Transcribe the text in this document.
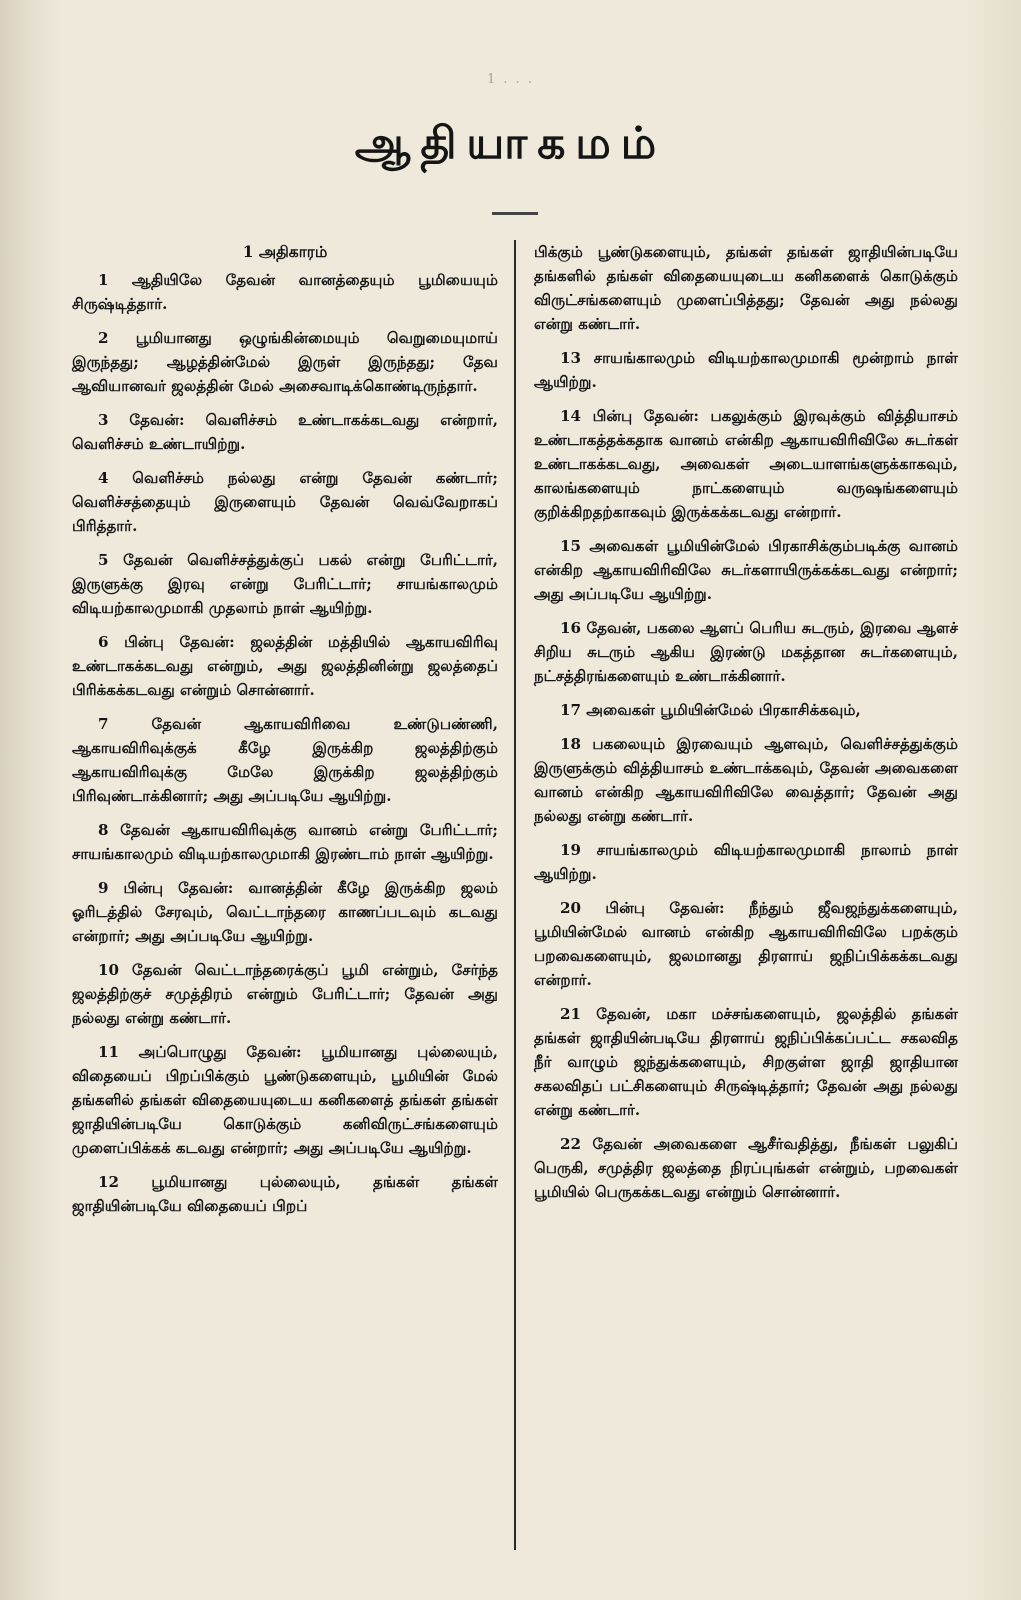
1 . . .
ஆதியாகமம்
1 அதிகாரம்

1 ஆதியிலே தேவன் வானத்தையும் பூமியையும் சிருஷ்டித்தார்.

2 பூமியானது ஒழுங்கின்மையும் வெறுமையுமாய் இருந்தது; ஆழத்தின்மேல் இருள் இருந்தது; தேவ ஆவியானவர் ஜலத்தின் மேல் அசைவாடிக்கொண்டிருந்தார்.

3 தேவன்: வெளிச்சம் உண்டாகக்கடவது என்றார், வெளிச்சம் உண்டாயிற்று.

4 வெளிச்சம் நல்லது என்று தேவன் கண்டார்; வெளிச்சத்தையும் இருளையும் தேவன் வெவ்வேறாகப் பிரித்தார்.

5 தேவன் வெளிச்சத்துக்குப் பகல் என்று பேரிட்டார், இருளுக்கு இரவு என்று பேரிட்டார்; சாயங்காலமும் விடியற்காலமுமாகி முதலாம் நாள் ஆயிற்று.

6 பின்பு தேவன்: ஜலத்தின் மத்தியில் ஆகாயவிரிவு உண்டாகக்கடவது என்றும், அது ஜலத்தினின்று ஜலத்தைப் பிரிக்கக்கடவது என்றும் சொன்னார்.

7 தேவன் ஆகாயவிரிவை உண்டுபண்ணி, ஆகாயவிரிவுக்குக் கீழே இருக்கிற ஜலத்திற்கும் ஆகாயவிரிவுக்கு மேலே இருக்கிற ஜலத்திற்கும் பிரிவுண்டாக்கினார்; அது அப்படியே ஆயிற்று.

8 தேவன் ஆகாயவிரிவுக்கு வானம் என்று பேரிட்டார்; சாயங்காலமும் விடியற்காலமுமாகி இரண்டாம் நாள் ஆயிற்று.

9 பின்பு தேவன்: வானத்தின் கீழே இருக்கிற ஜலம் ஓரிடத்தில் சேரவும், வெட்டாந்தரை காணப்படவும் கடவது என்றார்; அது அப்படியே ஆயிற்று.

10 தேவன் வெட்டாந்தரைக்குப் பூமி என்றும், சேர்ந்த ஜலத்திற்குச் சமுத்திரம் என்றும் பேரிட்டார்; தேவன் அது நல்லது என்று கண்டார்.

11 அப்பொழுது தேவன்: பூமியானது புல்லையும், விதையைப் பிறப்பிக்கும் பூண்டுகளையும், பூமியின் மேல் தங்களில் தங்கள் விதையையுடைய கனிகளைத் தங்கள் தங்கள் ஜாதியின்படியே கொடுக்கும் கனிவிருட்சங்களையும் முளைப்பிக்கக் கடவது என்றார்; அது அப்படியே ஆயிற்று.

12 பூமியானது புல்லையும், தங்கள் தங்கள் ஜாதியின்படியே விதையைப் பிறப்

பிக்கும் பூண்டுகளையும், தங்கள் தங்கள் ஜாதியின்படியே தங்களில் தங்கள் விதையையுடைய கனிகளைக் கொடுக்கும் விருட்சங்களையும் முளைப்பித்தது; தேவன் அது நல்லது என்று கண்டார்.

13 சாயங்காலமும் விடியற்காலமுமாகி மூன்றாம் நாள் ஆயிற்று.

14 பின்பு தேவன்: பகலுக்கும் இரவுக்கும் வித்தியாசம் உண்டாகத்தக்கதாக வானம் என்கிற ஆகாயவிரிவிலே சுடர்கள் உண்டாகக்கடவது, அவைகள் அடையாளங்களுக்காகவும், காலங்களையும் நாட்களையும் வருஷங்களையும் குறிக்கிறதற்காகவும் இருக்கக்கடவது என்றார்.

15 அவைகள் பூமியின்மேல் பிரகாசிக்கும்படிக்கு வானம் என்கிற ஆகாயவிரிவிலே சுடர்களாயிருக்கக்கடவது என்றார்; அது அப்படியே ஆயிற்று.

16 தேவன், பகலை ஆளப் பெரிய சுடரும், இரவை ஆளச் சிறிய சுடரும் ஆகிய இரண்டு மகத்தான சுடர்களையும், நட்சத்திரங்களையும் உண்டாக்கினார்.

17 அவைகள் பூமியின்மேல் பிரகாசிக்கவும்,

18 பகலையும் இரவையும் ஆளவும், வெளிச்சத்துக்கும் இருளுக்கும் வித்தியாசம் உண்டாக்கவும், தேவன் அவைகளை வானம் என்கிற ஆகாயவிரிவிலே வைத்தார்; தேவன் அது நல்லது என்று கண்டார்.

19 சாயங்காலமும் விடியற்காலமுமாகி நாலாம் நாள் ஆயிற்று.

20 பின்பு தேவன்: நீந்தும் ஜீவஜந்துக்களையும், பூமியின்மேல் வானம் என்கிற ஆகாயவிரிவிலே பறக்கும் பறவைகளையும், ஜலமானது திரளாய் ஜநிப்பிக்கக்கடவது என்றார்.

21 தேவன், மகா மச்சங்களையும், ஜலத்தில் தங்கள் தங்கள் ஜாதியின்படியே திரளாய் ஜநிப்பிக்கப்பட்ட சகலவித நீர் வாழும் ஜந்துக்களையும், சிறகுள்ள ஜாதி ஜாதியான சகலவிதப் பட்சிகளையும் சிருஷ்டித்தார்; தேவன் அது நல்லது என்று கண்டார்.

22 தேவன் அவைகளை ஆசீர்வதித்து, நீங்கள் பலுகிப் பெருகி, சமுத்திர ஜலத்தை நிரப்புங்கள் என்றும், பறவைகள் பூமியில் பெருகக்கடவது என்றும் சொன்னார்.
